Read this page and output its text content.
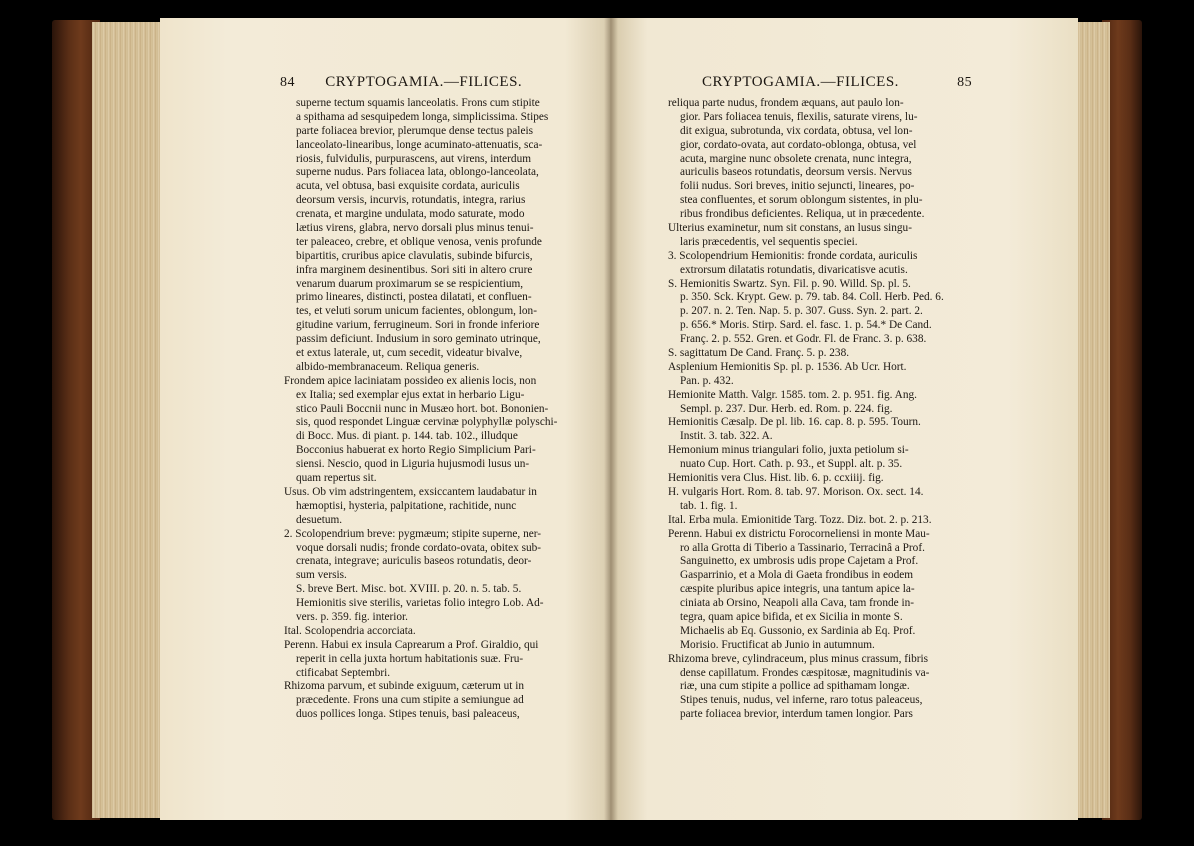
84 CRYPTOGAMIA.—FILICES.
superne tectum squamis lanceolatis. Frons cum stipite
a spithama ad sesquipedem longa, simplicissima. Stipes
parte foliacea brevior, plerumque dense tectus paleis
lanceolato-linearibus, longe acuminato-attenuatis, sca-
riosis, fulvidulis, purpurascens, aut virens, interdum
superne nudus. Pars foliacea lata, oblongo-lanceolata,
acuta, vel obtusa, basi exquisite cordata, auriculis
deorsum versis, incurvis, rotundatis, integra, rarius
crenata, et margine undulata, modo saturate, modo
lætius virens, glabra, nervo dorsali plus minus tenui-
ter paleaceo, crebre, et oblique venosa, venis profunde
bipartitis, cruribus apice clavulatis, subinde bifurcis,
infra marginem desinentibus. Sori siti in altero crure
venarum duarum proximarum se se respicientium,
primo lineares, distincti, postea dilatati, et confluen-
tes, et veluti sorum unicum facientes, oblongum, lon-
gitudine varium, ferrugineum. Sori in fronde inferiore
passim deficiunt. Indusium in soro geminato utrinque,
et extus laterale, ut, cum secedit, videatur bivalve,
albido-membranaceum. Reliqua generis.
Frondem apice laciniatam possideo ex alienis locis, non
ex Italia; sed exemplar ejus extat in herbario Ligu-
stico Pauli Boccnii nunc in Musæo hort. bot. Bononien-
sis, quod respondet Linguæ cervinæ polyphyllæ polyschi-
di Bocc. Mus. di piant. p. 144. tab. 102., illudque
Bocconius habuerat ex horto Regio Simplicium Pari-
siensi. Nescio, quod in Liguria hujusmodi lusus un-
quam repertus sit.
Usus. Ob vim adstringentem, exsiccantem laudabatur in
hæmoptisi, hysteria, palpitatione, rachitide, nunc
desuetum.
2. Scolopendrium breve: pygmæum; stipite superne, ner-
voque dorsali nudis; fronde cordato-ovata, obitex sub-
crenata, integrave; auriculis baseos rotundatis, deor-
sum versis.
S. breve Bert. Misc. bot. XVIII. p. 20. n. 5. tab. 5.
Hemionitis sive sterilis, varietas folio integro Lob. Ad-
vers. p. 359. fig. interior.
Ital. Scolopendria accorciata.
Perenn. Habui ex insula Caprearum a Prof. Giraldio, qui
reperit in cella juxta hortum habitationis suæ. Fru-
ctificabat Septembri.
Rhizoma parvum, et subinde exiguum, cæterum ut in
præcedente. Frons una cum stipite a semiungue ad
duos pollices longa. Stipes tenuis, basi paleaceus,
CRYPTOGAMIA.—FILICES.	85
reliqua parte nudus, frondem æquans, aut paulo lon-
gior. Pars foliacea tenuis, flexilis, saturate virens, lu-
dit exigua, subrotunda, vix cordata, obtusa, vel lon-
gior, cordato-ovata, aut cordato-oblonga, obtusa, vel
acuta, margine nunc obsolete crenata, nunc integra,
auriculis baseos rotundatis, deorsum versis. Nervus
folii nudus. Sori breves, initio sejuncti, lineares, po-
stea confluentes, et sorum oblongum sistentes, in plu-
ribus frondibus deficientes. Reliqua, ut in præcedente.
Ulterius examinetur, num sit constans, an lusus singu-
laris præcedentis, vel sequentis speciei.
3. Scolopendrium Hemionitis: fronde cordata, auriculis
extrorsum dilatatis rotundatis, divaricatisve acutis.
S. Hemionitis Swartz. Syn. Fil. p. 90. Willd. Sp. pl. 5.
p. 350. Sck. Krypt. Gew. p. 79. tab. 84. Coll. Herb. Ped. 6.
p. 207. n. 2. Ten. Nap. 5. p. 307. Guss. Syn. 2. part. 2.
p. 656.* Moris. Stirp. Sard. el. fasc. 1. p. 54.* De Cand.
Franç. 2. p. 552. Gren. et Godr. Fl. de Franc. 3. p. 638.
S. sagittatum De Cand. Franç. 5. p. 238.
Asplenium Hemionitis Sp. pl. p. 1536. Ab Ucr. Hort.
Pan. p. 432.
Hemionite Matth. Valgr. 1585. tom. 2. p. 951. fig. Ang.
Sempl. p. 237. Dur. Herb. ed. Rom. p. 224. fig.
Hemionitis Cæsalp. De pl. lib. 16. cap. 8. p. 595. Tourn.
Instit. 3. tab. 322. A.
Hemonium minus triangulari folio, juxta petiolum si-
nuato Cup. Hort. Cath. p. 93., et Suppl. alt. p. 35.
Hemionitis vera Clus. Hist. lib. 6. p. ccxiiij. fig.
H. vulgaris Hort. Rom. 8. tab. 97. Morison. Ox. sect. 14.
tab. 1. fig. 1.
Ital. Erba mula. Emionitide Targ. Tozz. Diz. bot. 2. p. 213.
Perenn. Habui ex districtu Forocorneliensi in monte Mau-
ro alla Grotta di Tiberio a Tassinario, Terracinâ a Prof.
Sanguinetto, ex umbrosis udis prope Cajetam a Prof.
Gasparrinio, et a Mola di Gaeta frondibus in eodem
cæspite pluribus apice integris, una tantum apice la-
ciniata ab Orsino, Neapoli alla Cava, tam fronde in-
tegra, quam apice bifida, et ex Sicilia in monte S.
Michaelis ab Eq. Gussonio, ex Sardinia ab Eq. Prof.
Morisio. Fructificat ab Junio in autumnum.
Rhizoma breve, cylindraceum, plus minus crassum, fibris
dense capillatum. Frondes cæspitosæ, magnitudinis va-
riæ, una cum stipite a pollice ad spithamam longæ.
Stipes tenuis, nudus, vel inferne, raro totus paleaceus,
parte foliacea brevior, interdum tamen longior. Pars
